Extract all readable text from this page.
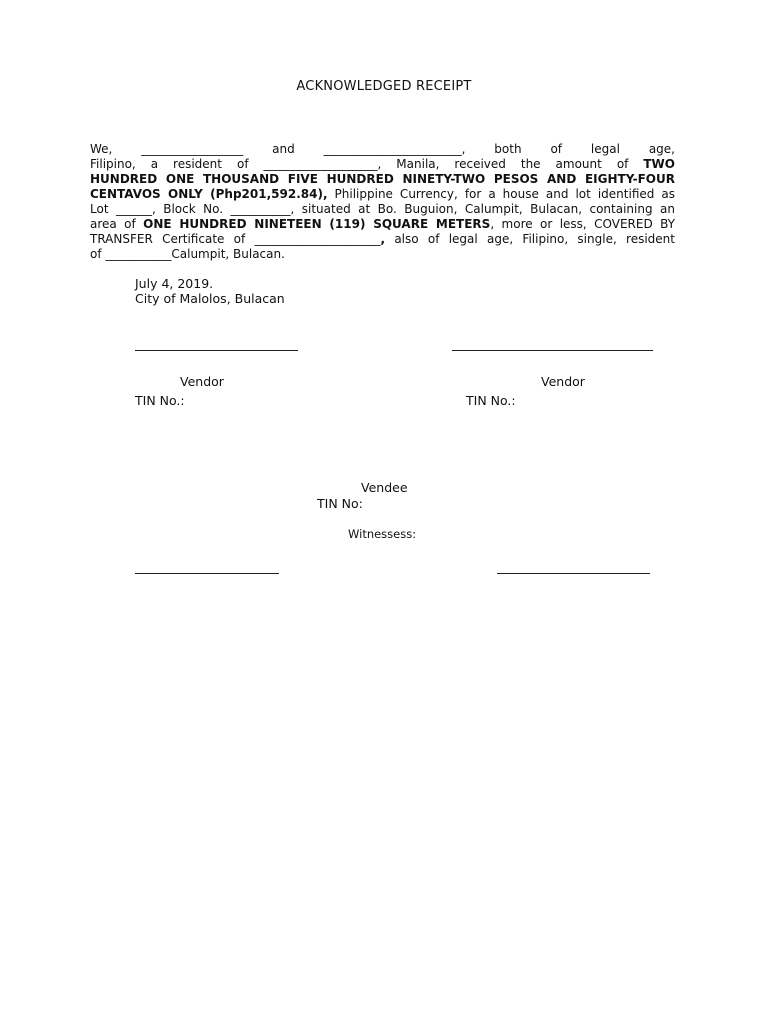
ACKNOWLEDGED RECEIPT
We, _________________ and _______________________, both of legal age,
Filipino, a resident of ___________________, Manila, received the amount of TWO
HUNDRED ONE THOUSAND FIVE HUNDRED NINETY-TWO PESOS AND EIGHTY-FOUR
CENTAVOS ONLY (Php201,592.84), Philippine Currency, for a house and lot identified as
Lot ______, Block No. __________, situated at Bo. Buguion, Calumpit, Bulacan, containing an
area of ONE HUNDRED NINETEEN (119) SQUARE METERS, more or less, COVERED BY
TRANSFER Certificate of _____________________, also of legal age, Filipino, single, resident
of ___________Calumpit, Bulacan.
July 4, 2019.
City of Malolos, Bulacan
Vendor
TIN No.:
Vendor
TIN No.:
Vendee
TIN No:
Witnessess:
